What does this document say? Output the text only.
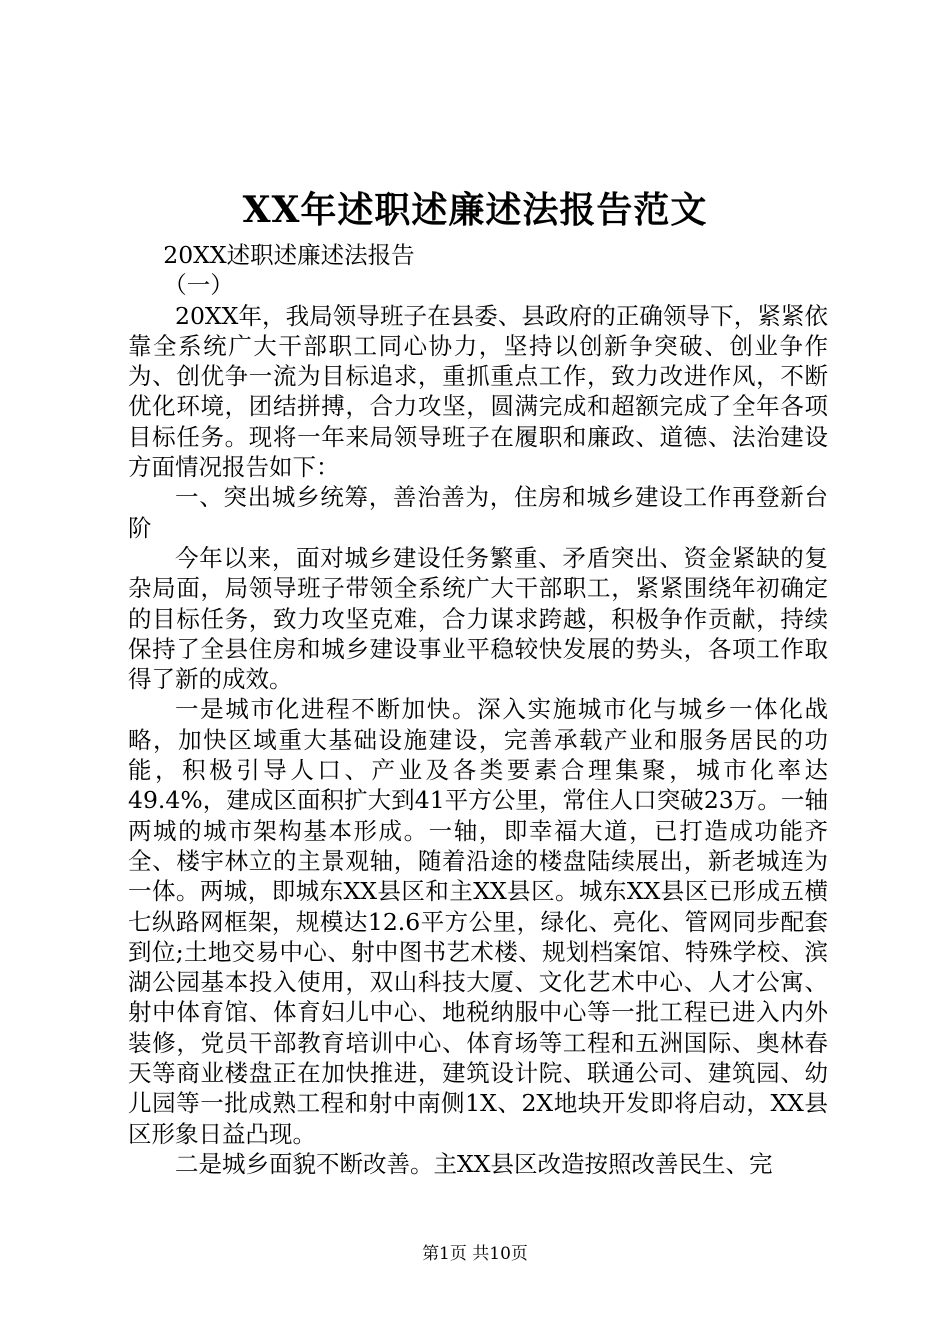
XX年述职述廉述法报告范文

20XX述职述廉述法报告

（一）

20XX年，我局领导班子在县委、县政府的正确领导下，紧紧依靠全系统广大干部职工同心协力，坚持以创新争突破、创业争作为、创优争一流为目标追求，重抓重点工作，致力改进作风，不断优化环境，团结拼搏，合力攻坚，圆满完成和超额完成了全年各项目标任务。现将一年来局领导班子在履职和廉政、道德、法治建设方面情况报告如下：

一、突出城乡统筹，善治善为，住房和城乡建设工作再登新台阶

今年以来，面对城乡建设任务繁重、矛盾突出、资金紧缺的复杂局面，局领导班子带领全系统广大干部职工，紧紧围绕年初确定的目标任务，致力攻坚克难，合力谋求跨越，积极争作贡献，持续保持了全县住房和城乡建设事业平稳较快发展的势头，各项工作取得了新的成效。

一是城市化进程不断加快。深入实施城市化与城乡一体化战略，加快区域重大基础设施建设，完善承载产业和服务居民的功能，积极引导人口、产业及各类要素合理集聚，城市化率达49.4%，建成区面积扩大到41平方公里，常住人口突破23万。一轴两城的城市架构基本形成。一轴，即幸福大道，已打造成功能齐全、楼宇林立的主景观轴，随着沿途的楼盘陆续展出，新老城连为一体。两城，即城东XX县区和主XX县区。城东XX县区已形成五横七纵路网框架，规模达12.6平方公里，绿化、亮化、管网同步配套到位;土地交易中心、射中图书艺术楼、规划档案馆、特殊学校、滨湖公园基本投入使用，双山科技大厦、文化艺术中心、人才公寓、射中体育馆、体育妇儿中心、地税纳服中心等一批工程已进入内外装修，党员干部教育培训中心、体育场等工程和五洲国际、奥林春天等商业楼盘正在加快推进，建筑设计院、联通公司、建筑园、幼儿园等一批成熟工程和射中南侧1X、2X地块开发即将启动，XX县区形象日益凸现。

二是城乡面貌不断改善。主XX县区改造按照改善民生、完

第1页 共10页
